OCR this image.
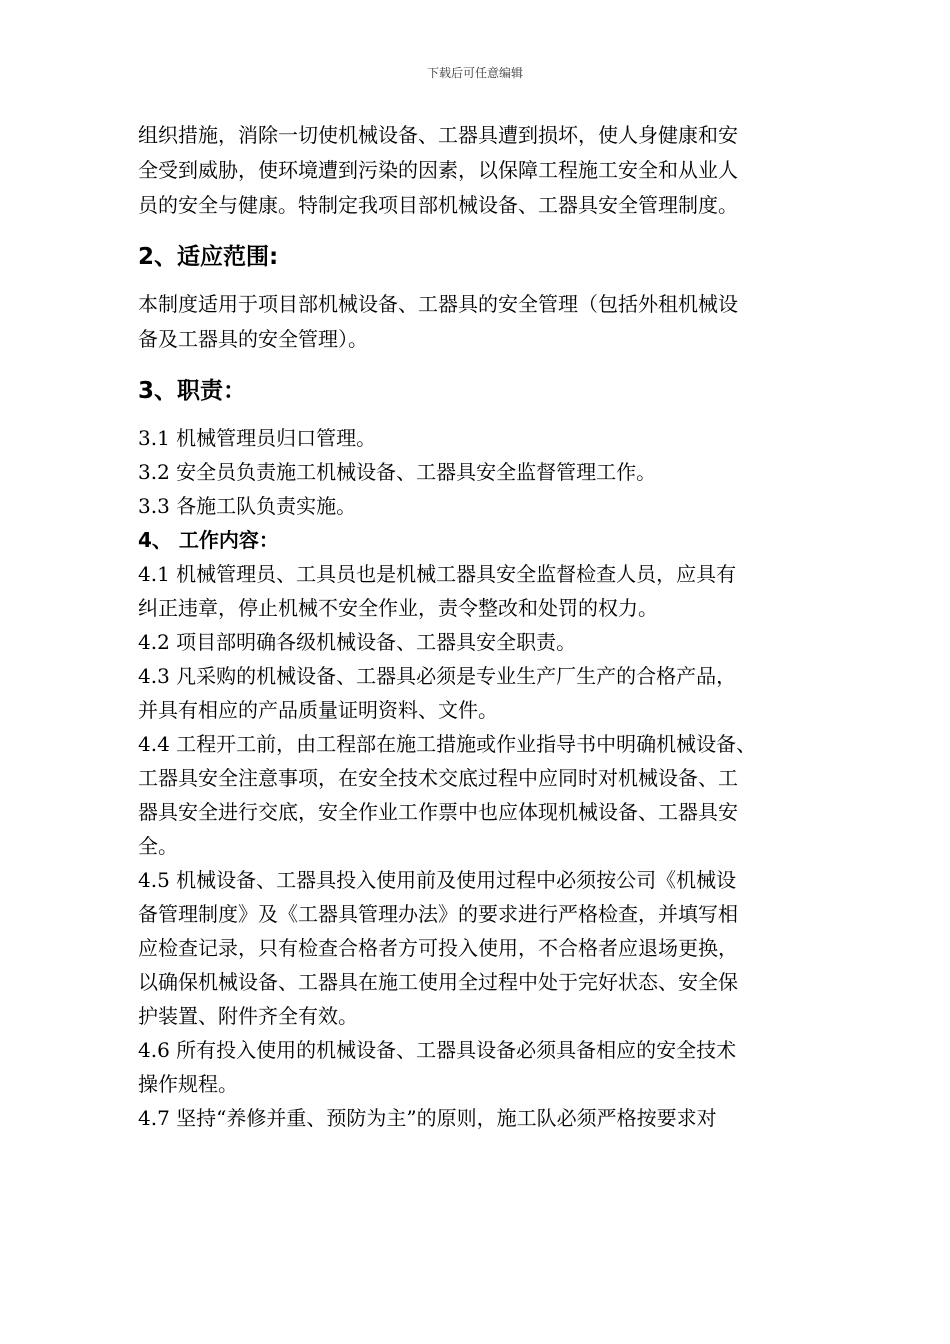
下载后可任意编辑

组织措施，消除一切使机械设备、工器具遭到损坏，使人身健康和安

全受到威胁，使环境遭到污染的因素，以保障工程施工安全和从业人

员的安全与健康。特制定我项目部机械设备、工器具安全管理制度。

2、适应范围:

本制度适用于项目部机械设备、工器具的安全管理（包括外租机械设

备及工器具的安全管理）。

3、职责：

3.1 机械管理员归口管理。

3.2 安全员负责施工机械设备、工器具安全监督管理工作。

3.3 各施工队负责实施。

4、 工作内容：

4.1 机械管理员、工具员也是机械工器具安全监督检查人员，应具有

纠正违章，停止机械不安全作业，责令整改和处罚的权力。

4.2 项目部明确各级机械设备、工器具安全职责。

4.3 凡采购的机械设备、工器具必须是专业生产厂生产的合格产品，

并具有相应的产品质量证明资料、文件。

4.4 工程开工前，由工程部在施工措施或作业指导书中明确机械设备、

工器具安全注意事项，在安全技术交底过程中应同时对机械设备、工

器具安全进行交底，安全作业工作票中也应体现机械设备、工器具安

全。

4.5 机械设备、工器具投入使用前及使用过程中必须按公司《机械设

备管理制度》及《工器具管理办法》的要求进行严格检查，并填写相

应检查记录，只有检查合格者方可投入使用，不合格者应退场更换，

以确保机械设备、工器具在施工使用全过程中处于完好状态、安全保

护装置、附件齐全有效。

4.6 所有投入使用的机械设备、工器具设备必须具备相应的安全技术

操作规程。

4.7 坚持“养修并重、预防为主”的原则，施工队必须严格按要求对
